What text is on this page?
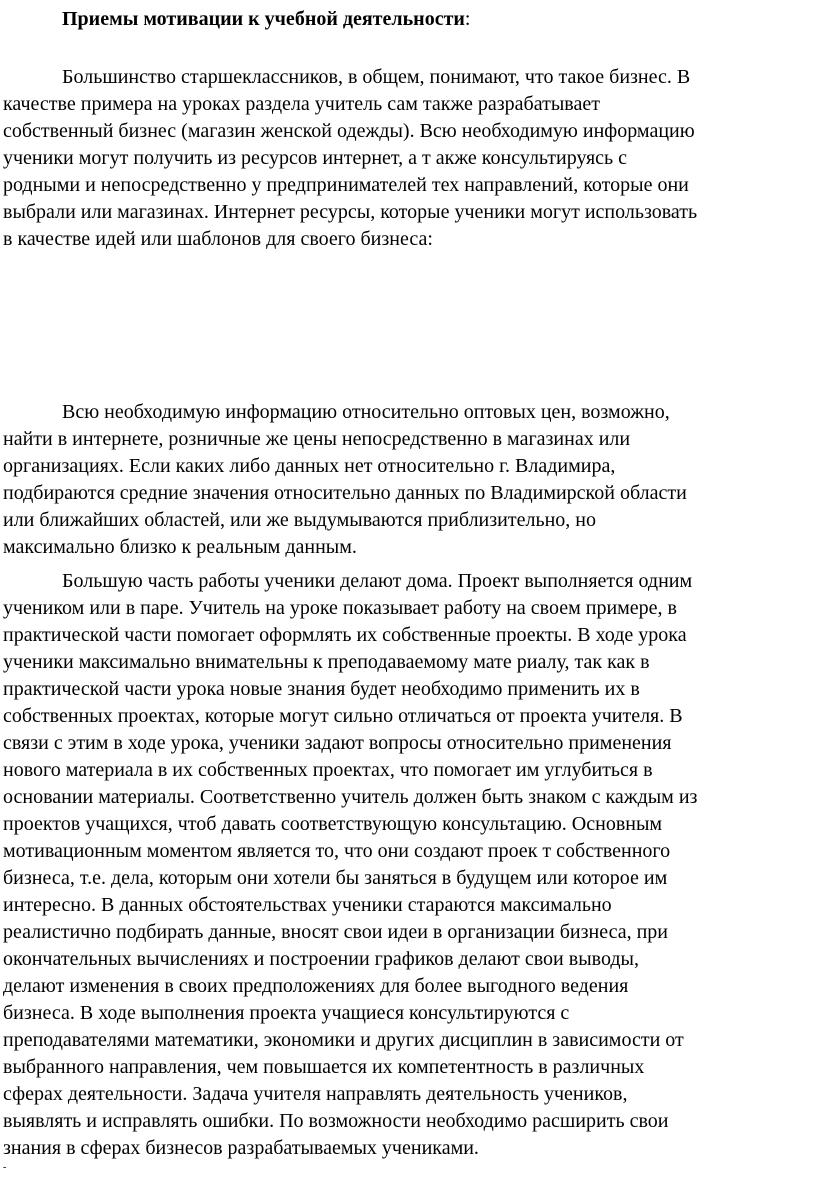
Приемы мотивации к учебной деятельности:
Большинство старшеклассников, в общем, понимают, что такое бизнес. В
качестве примера на уроках раздела учитель сам также разрабатывает
собственный бизнес (магазин женской одежды). Всю необходимую информацию
ученики могут получить из ресурсов интернет, а т акже консультируясь с
родными и непосредственно у предпринимателей тех направлений, которые они
выбрали или магазинах. Интернет ресурсы, которые ученики могут использовать
в качестве идей или шаблонов для своего бизнеса:
Всю необходимую информацию относительно оптовых цен, возможно,
найти в интернете, розничные же цены непосредственно в магазинах или
организациях. Если каких либо данных нет относительно г. Владимира,
подбираются средние значения относительно данных по Владимирской области
или ближайших областей, или же выдумываются приблизительно, но
максимально близко к реальным данным.
Большую часть работы ученики делают дома. Проект выполняется одним
учеником или в паре. Учитель на уроке показывает работу на своем примере, в
практической части помогает оформлять их собственные проекты. В ходе урока
ученики максимально внимательны к преподаваемому мате риалу, так как в
практической части урока новые знания будет необходимо применить их в
собственных проектах, которые могут сильно отличаться от проекта учителя. В
связи с этим в ходе урока, ученики задают вопросы относительно применения
нового материала в их собственных проектах, что помогает им углубиться в
основании материалы. Соответственно учитель должен быть знаком с каждым из
проектов учащихся, чтоб давать соответствующую консультацию. Основным
мотивационным моментом является то, что они создают проек т собственного
бизнеса, т.е. дела, которым они хотели бы заняться в будущем или которое им
интересно. В данных обстоятельствах ученики стараются максимально
реалистично подбирать данные, вносят свои идеи в организации бизнеса, при
окончательных вычислениях и построении графиков делают свои выводы,
делают изменения в своих предположениях для более выгодного ведения
бизнеса. В ходе выполнения проекта учащиеся консультируются с
преподавателями математики, экономики и других дисциплин в зависимости от
выбранного направления, чем повышается их компетентность в различных
сферах деятельности. Задача учителя направлять деятельность учеников,
выявлять и исправлять ошибки. По возможности необходимо расширить свои
знания в сферах бизнесов разрабатываемых учениками.
-
